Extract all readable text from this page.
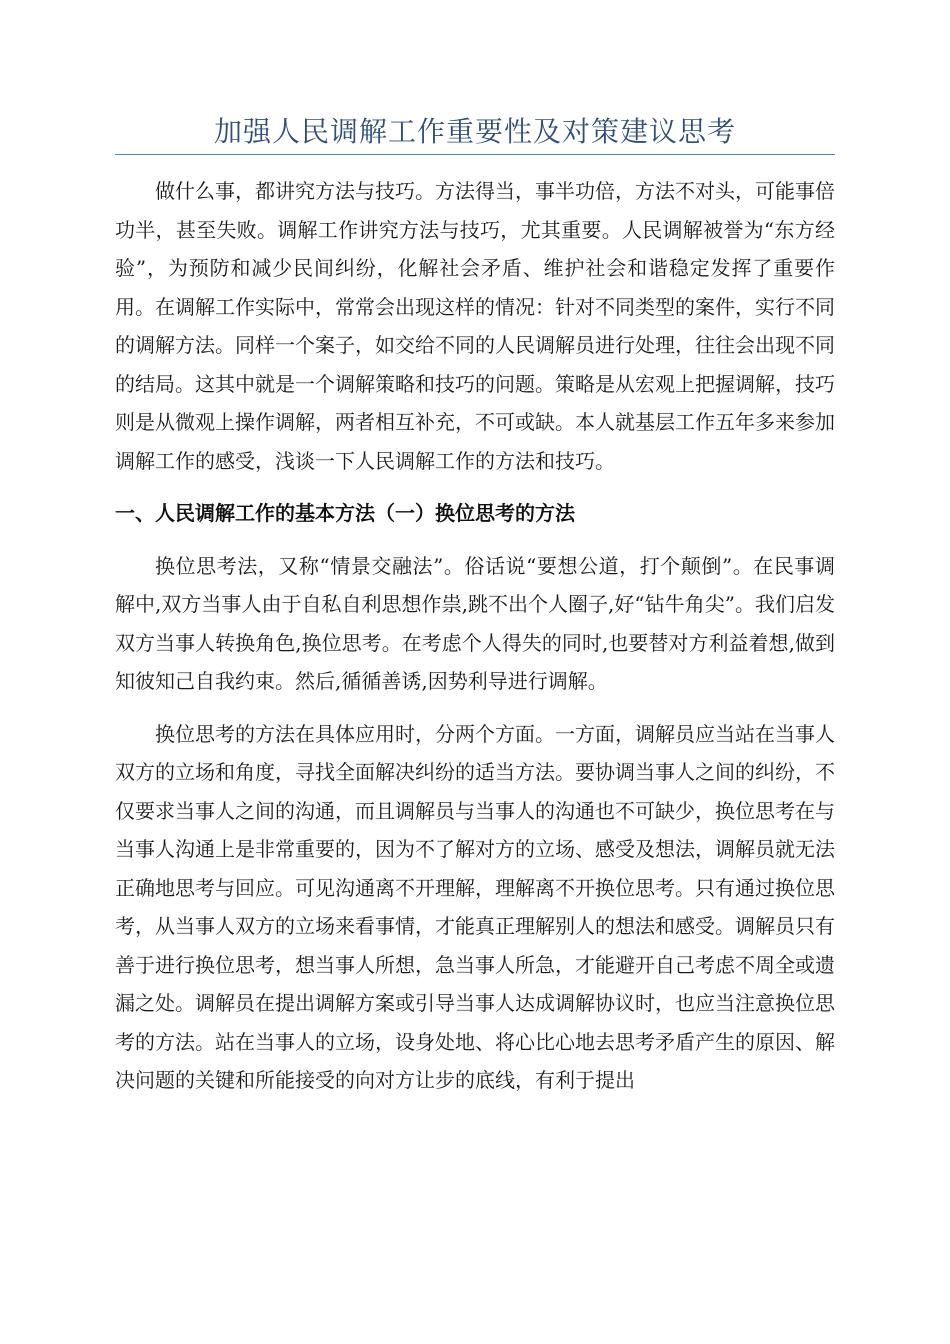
加强人民调解工作重要性及对策建议思考

做什么事，都讲究方法与技巧。方法得当，事半功倍，方法不对头，可能事倍功半，甚至失败。调解工作讲究方法与技巧，尤其重要。人民调解被誉为“东方经验”，为预防和减少民间纠纷，化解社会矛盾、维护社会和谐稳定发挥了重要作用。在调解工作实际中，常常会出现这样的情况：针对不同类型的案件，实行不同的调解方法。同样一个案子，如交给不同的人民调解员进行处理，往往会出现不同的结局。这其中就是一个调解策略和技巧的问题。策略是从宏观上把握调解，技巧则是从微观上操作调解，两者相互补充，不可或缺。本人就基层工作五年多来参加调解工作的感受，浅谈一下人民调解工作的方法和技巧。

一、人民调解工作的基本方法（一）换位思考的方法

换位思考法，又称“情景交融法”。俗话说“要想公道，打个颠倒”。在民事调解中,双方当事人由于自私自利思想作祟,跳不出个人圈子,好“钻牛角尖”。我们启发双方当事人转换角色,换位思考。在考虑个人得失的同时,也要替对方利益着想,做到知彼知己自我约束。然后,循循善诱,因势利导进行调解。

换位思考的方法在具体应用时，分两个方面。一方面，调解员应当站在当事人双方的立场和角度，寻找全面解决纠纷的适当方法。要协调当事人之间的纠纷，不仅要求当事人之间的沟通，而且调解员与当事人的沟通也不可缺少，换位思考在与当事人沟通上是非常重要的，因为不了解对方的立场、感受及想法，调解员就无法正确地思考与回应。可见沟通离不开理解，理解离不开换位思考。只有通过换位思考，从当事人双方的立场来看事情，才能真正理解别人的想法和感受。调解员只有善于进行换位思考，想当事人所想，急当事人所急，才能避开自己考虑不周全或遗漏之处。调解员在提出调解方案或引导当事人达成调解协议时，也应当注意换位思考的方法。站在当事人的立场，设身处地、将心比心地去思考矛盾产生的原因、解决问题的关键和所能接受的向对方让步的底线，有利于提出
